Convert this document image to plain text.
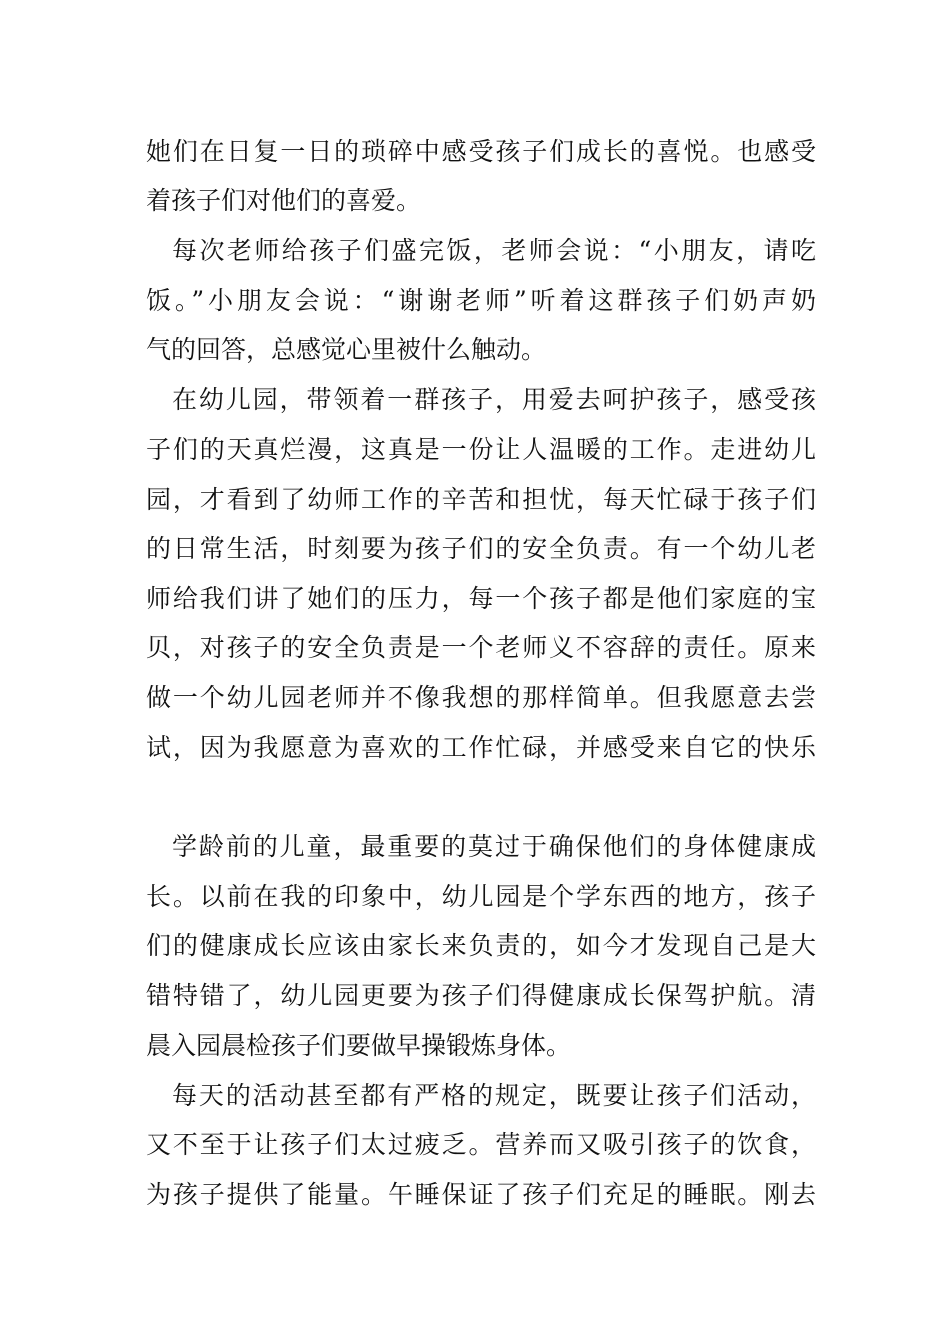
她们在日复一日的琐碎中感受孩子们成长的喜悦。也感受
着孩子们对他们的喜爱。
每次老师给孩子们盛完饭，老师会说：“小朋友，请吃
饭。”小朋友会说：“谢谢老师”听着这群孩子们奶声奶
气的回答，总感觉心里被什么触动。
在幼儿园，带领着一群孩子，用爱去呵护孩子，感受孩
子们的天真烂漫，这真是一份让人温暖的工作。走进幼儿
园，才看到了幼师工作的辛苦和担忧，每天忙碌于孩子们
的日常生活，时刻要为孩子们的安全负责。有一个幼儿老
师给我们讲了她们的压力，每一个孩子都是他们家庭的宝
贝，对孩子的安全负责是一个老师义不容辞的责任。原来
做一个幼儿园老师并不像我想的那样简单。但我愿意去尝
试，因为我愿意为喜欢的工作忙碌，并感受来自它的快乐
学龄前的儿童，最重要的莫过于确保他们的身体健康成
长。以前在我的印象中，幼儿园是个学东西的地方，孩子
们的健康成长应该由家长来负责的，如今才发现自己是大
错特错了，幼儿园更要为孩子们得健康成长保驾护航。清
晨入园晨检孩子们要做早操锻炼身体。
每天的活动甚至都有严格的规定，既要让孩子们活动，
又不至于让孩子们太过疲乏。营养而又吸引孩子的饮食，
为孩子提供了能量。午睡保证了孩子们充足的睡眠。刚去
